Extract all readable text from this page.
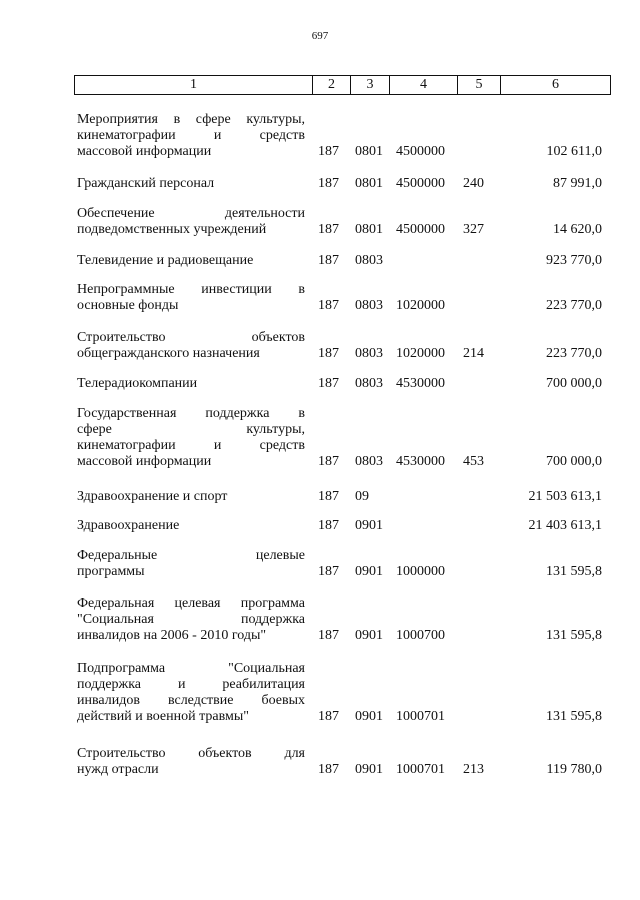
697
1	2	3	4	5	6
Мероприятия в сфере культуры,
кинематографии и средств
массовой информации	187 0801 4500000	102 611,0
Гражданский персонал	187 0801 4500000 240	87 991,0
Обеспечение деятельности
подведомственных учреждений	187 0801 4500000 327	14 620,0
Телевидение и радиовещание	187 0803	923 770,0
Непрограммные инвестиции в
основные фонды	187 0803 1020000	223 770,0
Строительство объектов
общегражданского назначения	187 0803 1020000 214	223 770,0
Телерадиокомпании	187 0803 4530000	700 000,0
Государственная поддержка в
сфере культуры,
кинематографии и средств
массовой информации	187 0803 4530000 453	700 000,0
Здравоохранение и спорт	187 09	21 503 613,1
Здравоохранение	187 0901	21 403 613,1
Федеральные целевые
программы	187 0901 1000000	131 595,8
Федеральная целевая программа
"Социальная поддержка
инвалидов на 2006 - 2010 годы"	187 0901 1000700	131 595,8
Подпрограмма "Социальная
поддержка и реабилитация
инвалидов вследствие боевых
действий и военной травмы"	187 0901 1000701	131 595,8
Строительство объектов для
нужд отрасли	187 0901 1000701 213	119 780,0
